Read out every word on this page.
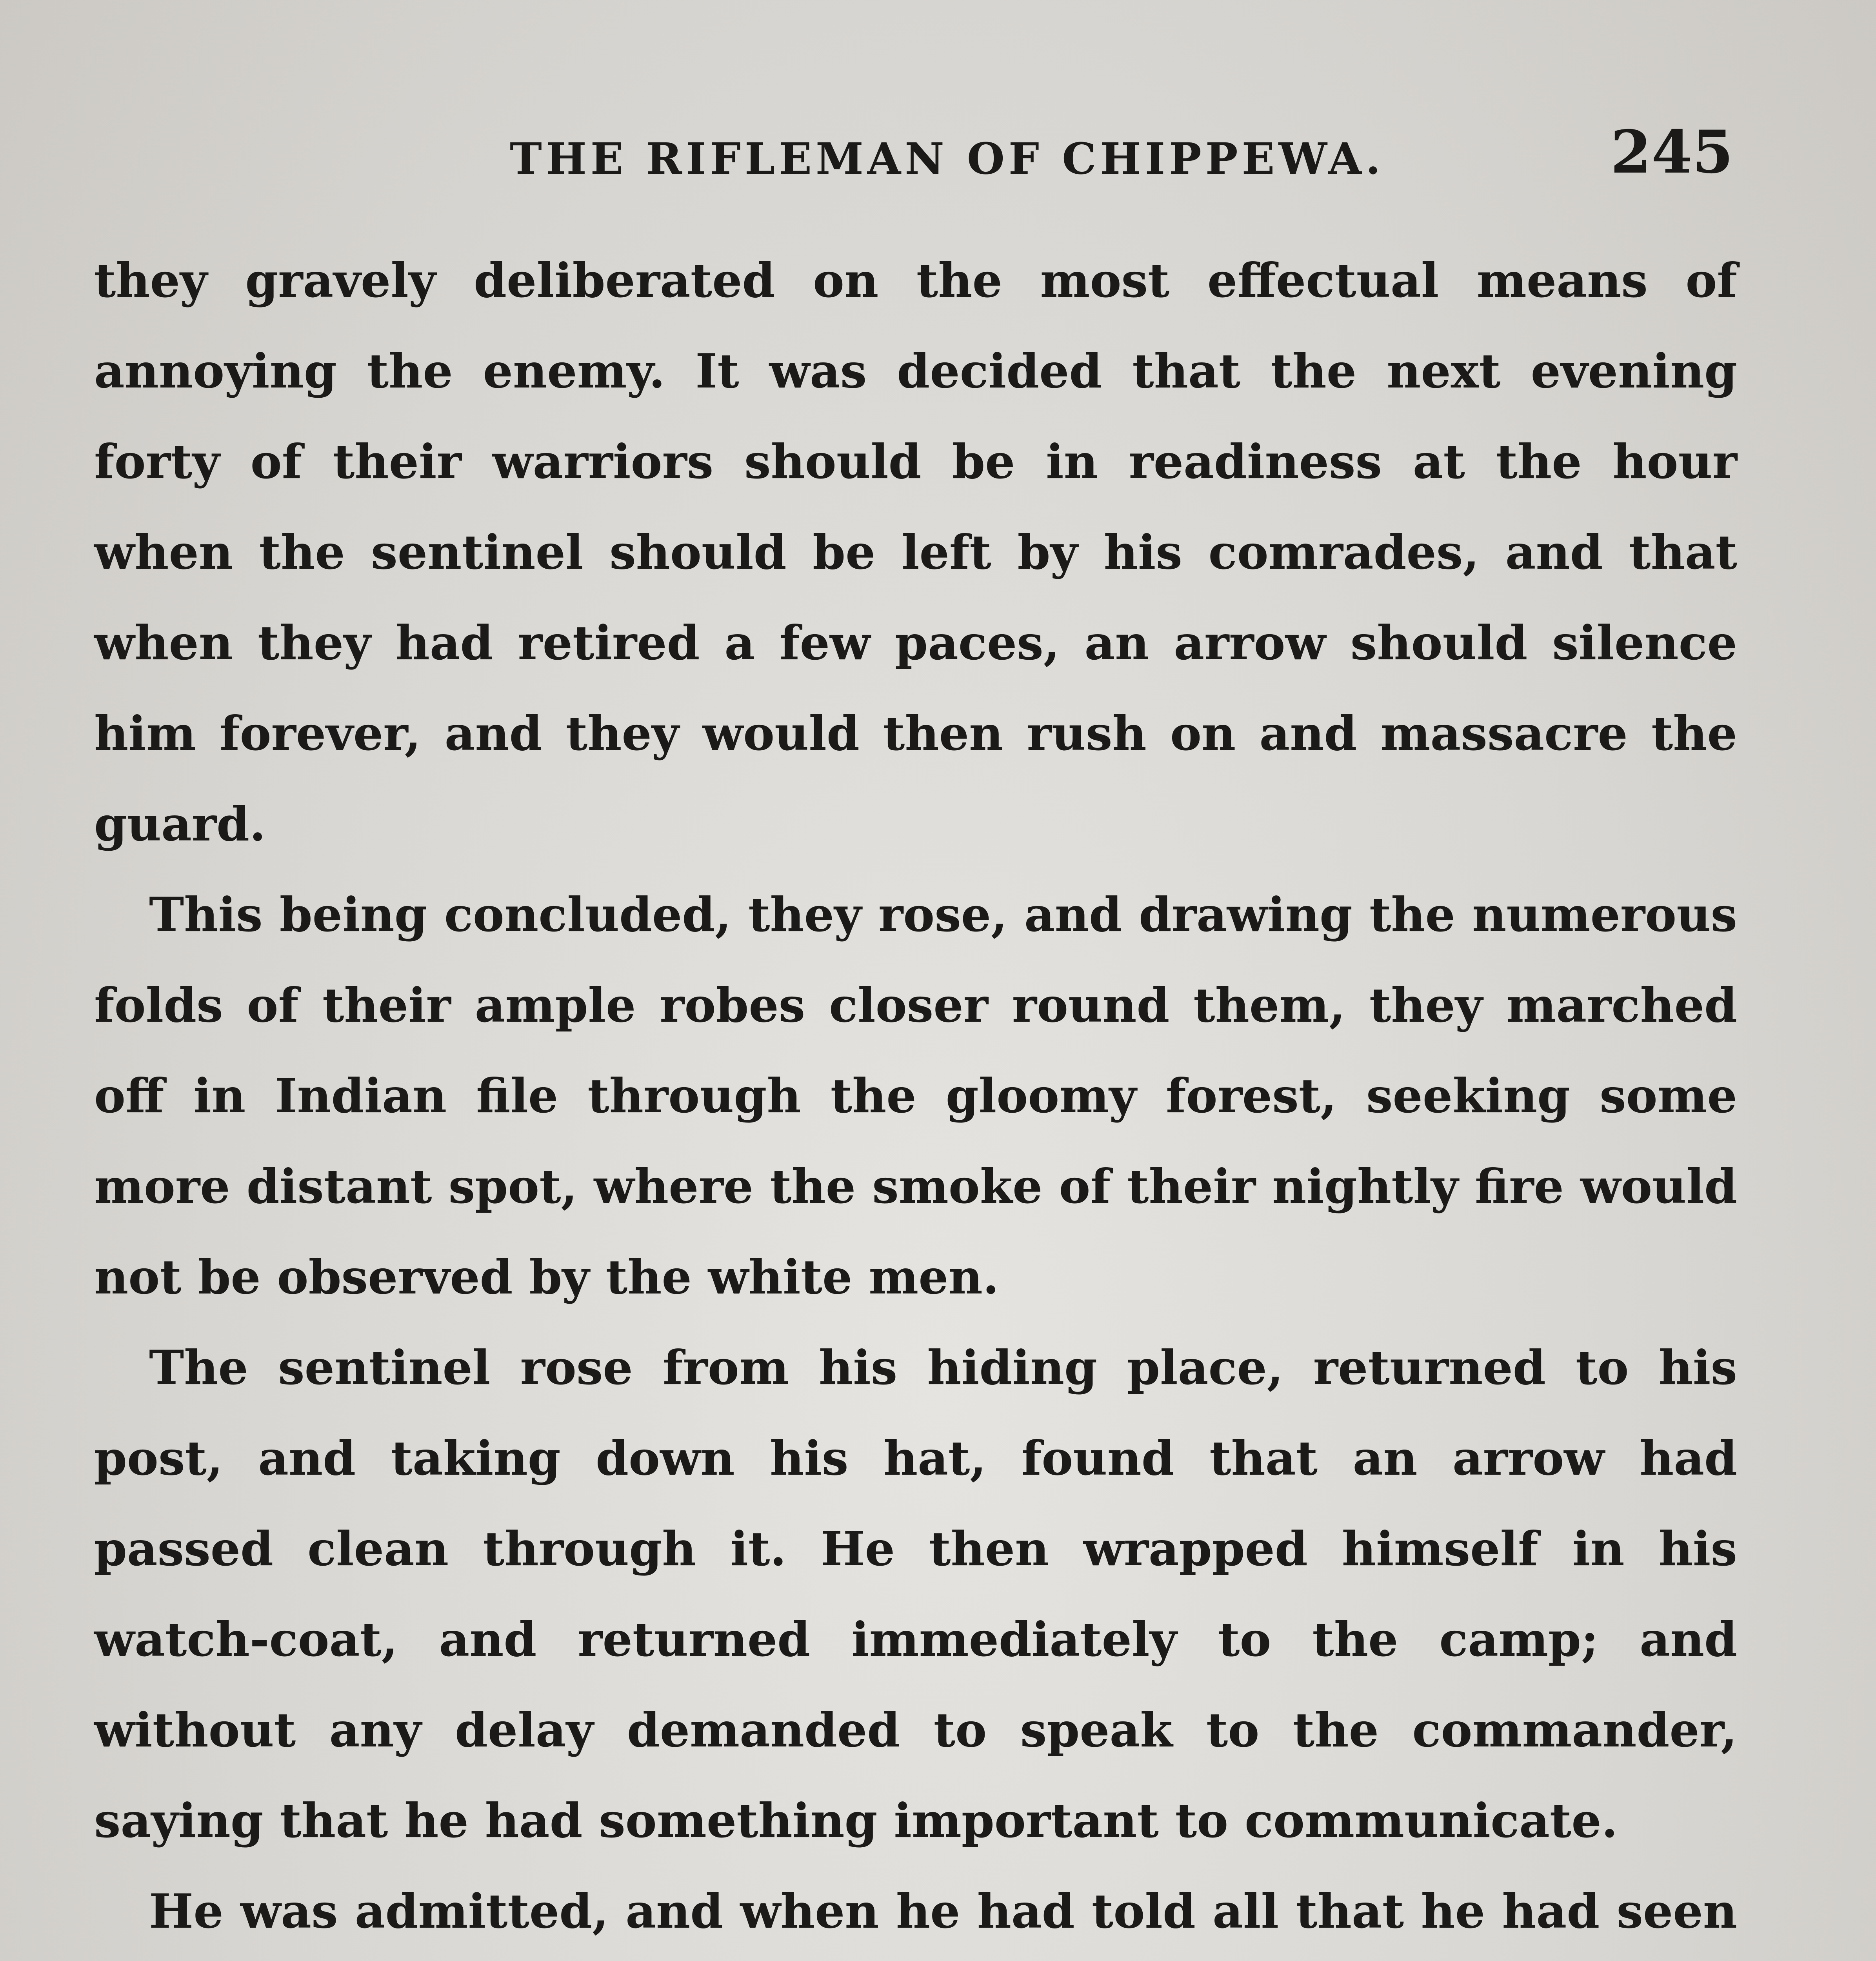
THE RIFLEMAN OF CHIPPEWA.	245

they gravely deliberated on the most effectual means of annoying the enemy. It was decided that the next evening forty of their warriors should be in readiness at the hour when the sentinel should be left by his comrades, and that when they had retired a few paces, an arrow should silence him forever, and they would then rush on and massacre the guard.

This being concluded, they rose, and drawing the numerous folds of their ample robes closer round them, they marched off in Indian file through the gloomy forest, seeking some more distant spot, where the smoke of their nightly fire would not be observed by the white men.

The sentinel rose from his hiding place, returned to his post, and taking down his hat, found that an arrow had passed clean through it. He then wrapped himself in his watch-coat, and returned immediately to the camp; and without any delay demanded to speak to the commander, saying that he had something important to communicate.

He was admitted, and when he had told all that he had seen
